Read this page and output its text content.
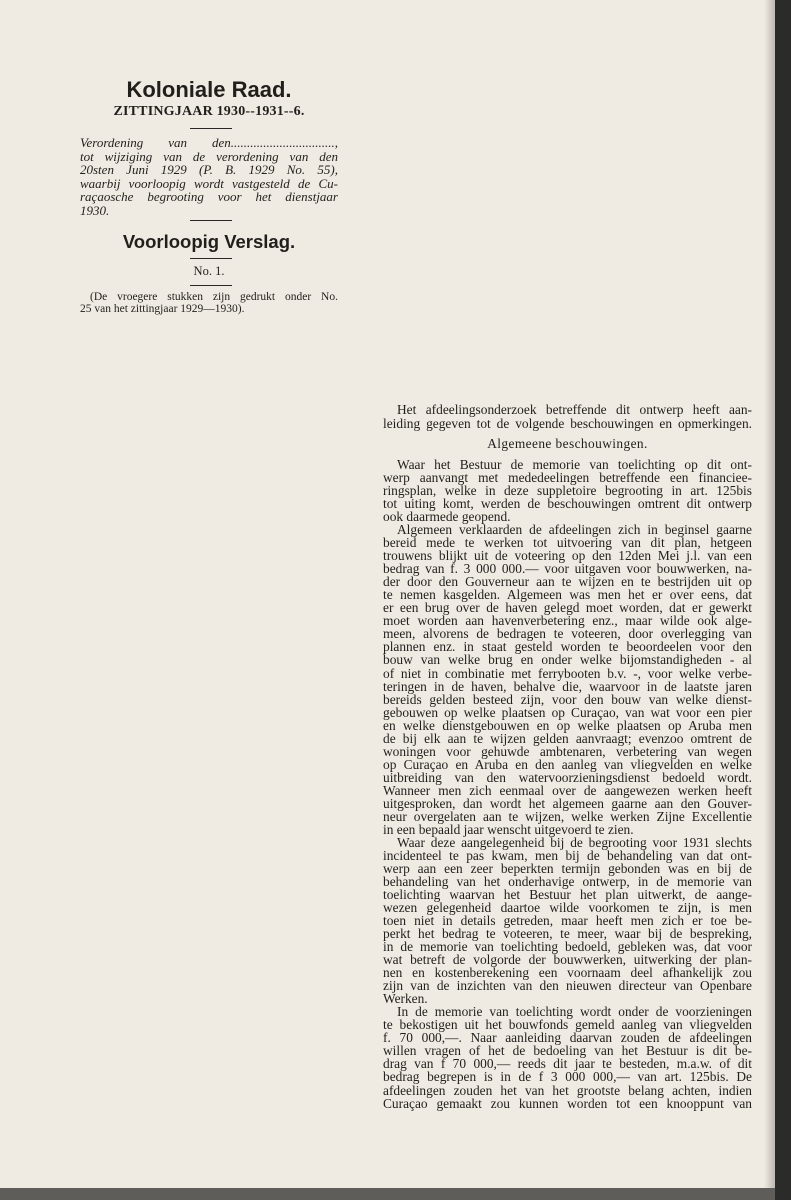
Koloniale Raad.
ZITTINGJAAR 1930--1931--6.
Verordening van den................................,
tot wijziging van de verordening van den
20sten Juni 1929 (P. B. 1929 No. 55),
waarbij voorloopig wordt vastgesteld de Cu-
raçaosche begrooting voor het dienstjaar
1930.
Voorloopig Verslag.
No. 1.
(De vroegere stukken zijn gedrukt onder No.
25 van het zittingjaar 1929—1930).
Het afdeelingsonderzoek betreffende dit ontwerp heeft aan-
leiding gegeven tot de volgende beschouwingen en opmerkingen.
Algemeene beschouwingen.
Waar het Bestuur de memorie van toelichting op dit ont-
werp aanvangt met mededeelingen betreffende een financiee-
ringsplan, welke in deze suppletoire begrooting in art. 125bis
tot uiting komt, werden de beschouwingen omtrent dit ontwerp
ook daarmede geopend.
Algemeen verklaarden de afdeelingen zich in beginsel gaarne
bereid mede te werken tot uitvoering van dit plan, hetgeen
trouwens blijkt uit de voteering op den 12den Mei j.l. van een
bedrag van f. 3 000 000.— voor uitgaven voor bouwwerken, na-
der door den Gouverneur aan te wijzen en te bestrijden uit op
te nemen kasgelden. Algemeen was men het er over eens, dat
er een brug over de haven gelegd moet worden, dat er gewerkt
moet worden aan havenverbetering enz., maar wilde ook alge-
meen, alvorens de bedragen te voteeren, door overlegging van
plannen enz. in staat gesteld worden te beoordeelen voor den
bouw van welke brug en onder welke bijomstandigheden - al
of niet in combinatie met ferrybooten b.v. -, voor welke verbe-
teringen in de haven, behalve die, waarvoor in de laatste jaren
bereids gelden besteed zijn, voor den bouw van welke dienst-
gebouwen op welke plaatsen op Curaçao, van wat voor een pier
en welke dienstgebouwen en op welke plaatsen op Aruba men
de bij elk aan te wijzen gelden aanvraagt; evenzoo omtrent de
woningen voor gehuwde ambtenaren, verbetering van wegen
op Curaçao en Aruba en den aanleg van vliegvelden en welke
uitbreiding van den watervoorzieningsdienst bedoeld wordt.
Wanneer men zich eenmaal over de aangewezen werken heeft
uitgesproken, dan wordt het algemeen gaarne aan den Gouver-
neur overgelaten aan te wijzen, welke werken Zijne Excellentie
in een bepaald jaar wenscht uitgevoerd te zien.
Waar deze aangelegenheid bij de begrooting voor 1931 slechts
incidenteel te pas kwam, men bij de behandeling van dat ont-
werp aan een zeer beperkten termijn gebonden was en bij de
behandeling van het onderhavige ontwerp, in de memorie van
toelichting waarvan het Bestuur het plan uitwerkt, de aange-
wezen gelegenheid daartoe wilde voorkomen te zijn, is men
toen niet in details getreden, maar heeft men zich er toe be-
perkt het bedrag te voteeren, te meer, waar bij de bespreking,
in de memorie van toelichting bedoeld, gebleken was, dat voor
wat betreft de volgorde der bouwwerken, uitwerking der plan-
nen en kostenberekening een voornaam deel afhankelijk zou
zijn van de inzichten van den nieuwen directeur van Openbare
Werken.
In de memorie van toelichting wordt onder de voorzieningen
te bekostigen uit het bouwfonds gemeld aanleg van vliegvelden
f. 70 000,—. Naar aanleiding daarvan zouden de afdeelingen
willen vragen of het de bedoeling van het Bestuur is dit be-
drag van f 70 000,— reeds dit jaar te besteden, m.a.w. of dit
bedrag begrepen is in de f 3 000 000,— van art. 125bis. De
afdeelingen zouden het van het grootste belang achten, indien
Curaçao gemaakt zou kunnen worden tot een knooppunt van
